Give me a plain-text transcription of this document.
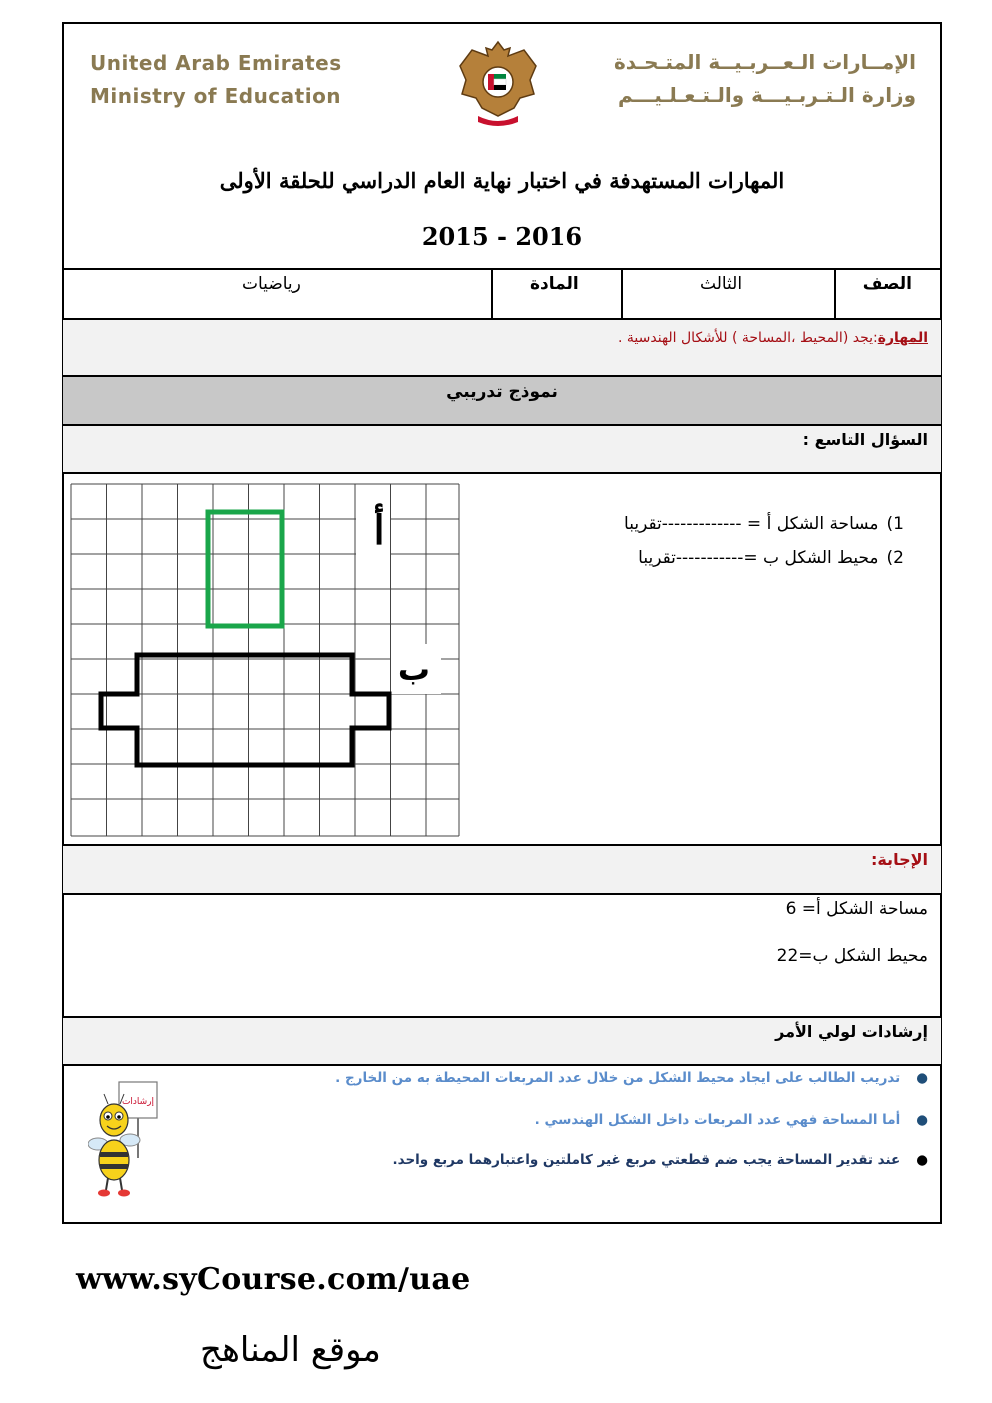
United Arab Emirates
Ministry of Education
الإمــارات الـعــربـيــة المتـحـدة
وزارة الـتـربـيـــة والـتـعـلـيـــم
المهارات المستهدفة في اختبار نهاية العام الدراسي للحلقة الأولى
2015 - 2016
الصف
الثالث
المادة
رياضيات
المهارة:يجد (المحيط ،المساحة ) للأشكال الهندسية .
نموذج تدريبي
السؤال التاسع :
أ
ب
1)مساحة الشكل أ = -------------تقريبا
2)محيط الشكل ب =-----------تقريبا
الإجابة:
مساحة الشكل أ= 6
محيط الشكل ب=22
إرشادات لولي الأمر
●تدريب الطالب على ايجاد محيط الشكل من خلال عدد المربعات المحيطة به من الخارج .
●أما المساحة فهي عدد المربعات داخل الشكل الهندسي .
●عند تقدير المساحة يجب ضم قطعتي مربع غير كاملتين واعتبارهما مربع واحد.
إرشادات
www.syCourse.com/uae
موقع المناهج
